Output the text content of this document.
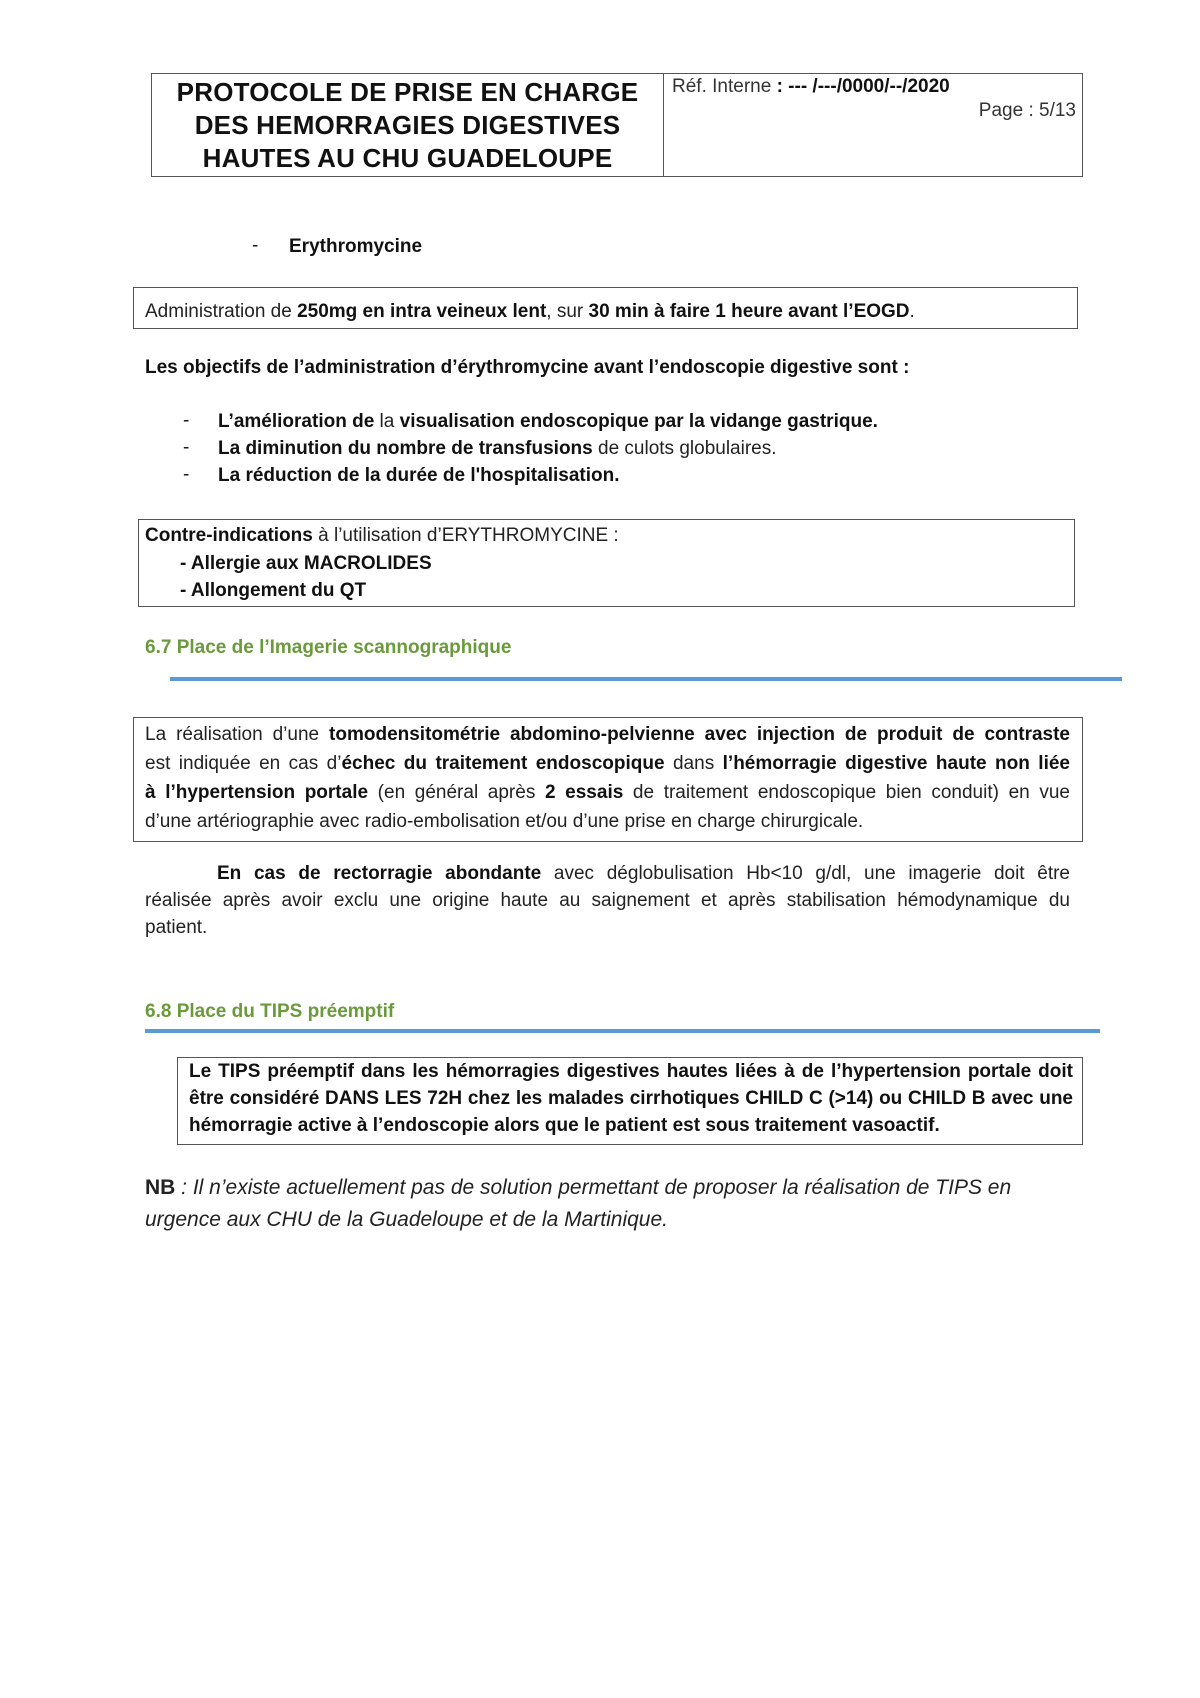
PROTOCOLE DE PRISE EN CHARGE
DES HEMORRAGIES DIGESTIVES
HAUTES AU CHU GUADELOUPE
Réf. Interne : --- /---/0000/--/2020
Page : 5/13
- Erythromycine
Administration de 250mg en intra veineux lent, sur 30 min à faire 1 heure avant l’EOGD.
Les objectifs de l’administration d’érythromycine avant l’endoscopie digestive sont :
- L’amélioration de la visualisation endoscopique par la vidange gastrique.
- La diminution du nombre de transfusions de culots globulaires.
- La réduction de la durée de l'hospitalisation.
Contre-indications à l’utilisation d’ERYTHROMYCINE :
- Allergie aux MACROLIDES
- Allongement du QT
6.7 Place de l’Imagerie scannographique
La réalisation d’une tomodensitométrie abdomino-pelvienne avec injection de produit de contraste
est indiquée en cas d’échec du traitement endoscopique dans l’hémorragie digestive haute non liée
à l’hypertension portale (en général après 2 essais de traitement endoscopique bien conduit) en vue
d’une artériographie avec radio-embolisation et/ou d’une prise en charge chirurgicale.
En cas de rectorragie abondante avec déglobulisation Hb<10 g/dl, une imagerie doit être
réalisée après avoir exclu une origine haute au saignement et après stabilisation hémodynamique du
patient.
6.8 Place du TIPS préemptif
Le TIPS préemptif dans les hémorragies digestives hautes liées à de l’hypertension portale doit
être considéré DANS LES 72H chez les malades cirrhotiques CHILD C (>14) ou CHILD B avec une
hémorragie active à l’endoscopie alors que le patient est sous traitement vasoactif.
NB : Il n’existe actuellement pas de solution permettant de proposer la réalisation de TIPS en
urgence aux CHU de la Guadeloupe et de la Martinique.
